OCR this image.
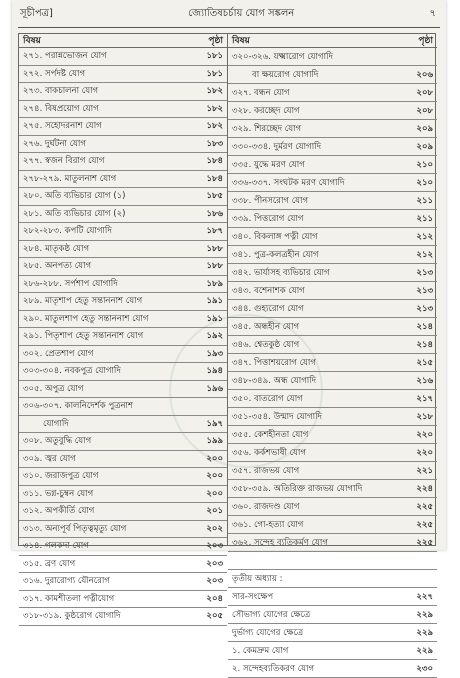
সূচীপত্র]	জ্যোতিষচর্চায় যোগ সঙ্কলন	৭
বিষয়	পৃষ্ঠা
২৭১. পরান্নভোজন যোগ	১৮১
২৭২. সর্পদষ্ট যোগ	১৮১
২৭৩. বাকচালনা যোগ	১৮২
২৭৪. বিষপ্রয়োগ যোগ	১৮২
২৭৫. সহোদরনাশ যোগ	১৮২
২৭৬. দুর্ঘটনা যোগ	১৮৩
২৭৭. স্বজন বিরাগ যোগ	১৮৪
২৭৮-২৭৯. মাতুলনাশ যোগ	১৮৪
২৮০. অতি ব্যভিচার যোগ (১)	১৮৫
২৮১. অতি ব্যভিচার যোগ (২)	১৮৬
২৮২-২৮৩. কপটি যোগাদি	১৮৭
২৮৪. মাতৃকষ্ঠ যোগ	১৮৮
২৮৫. অনপত্য যোগ	১৮৮
২৮৬-২৮৮. সর্পশাপ যোগাদি	১৮৯
২৮৯. মাতৃশাপ হেতু সন্তাননাশ যোগ	১৯১
২৯০. মাতুলশাপ হেতু সন্তাননাশ যোগ	১৯১
২৯১. পিতৃশাপ হেতু সন্তাননাশ যোগ	১৯২
৩০২. প্রেতশাপ যোগ	১৯৩
৩০৩-৩০৪. নবকপুত্র যোগাদি	১৯৪
৩০৫. অপুত্র যোগ	১৯৬
৩০৬-৩০৭. কালনিদের্শক পুত্রনাশ
যোগাদি	১৯৭
৩০৮. অতুবুদ্ধি যোগ	১৯৯
৩০৯. জ্বর যোগ	২০০
৩১০. জরাজপুত্র যোগ	২০০
৩১১. ভগ্ন-চুম্বন যোগ	২০০
৩১২. অপকীর্তি যোগ	২০১
৩১৩. অন্যপূর্ব পিতৃত্বমৃত্যু যোগ	২০২
৩১৪. গলকদা যোগ	২০৩
৩১৫. ব্রণ যোগ	২০৩
৩১৬. দুরারোগ্য যৌনরোগ	২০৩
৩১৭. কামশীতলা পত্নীযোগ	২০৪
৩১৮-৩১৯. কুষ্ঠরোগ যোগাদি	২০৫
বিষয়	পৃষ্ঠা
৩২০-৩২৬. যক্ষ্মারোগ যোগাদি
বা ক্ষয়রোগ যোগাদি	২০৬
৩২৭. বন্ধন যোগ	২০৮
৩২৮. করচ্ছেদ যোগ	২০৮
৩২৯. শিরচ্ছেদ যোগ	২০৯
৩৩০-৩৩৪. দুর্মরণ যোগাদি	২০৯
৩৩৫. যুদ্ধে মরণ যোগ	২১০
৩৩৬-৩৩৭. সংঘটক মরণ যোগাদি	২১০
৩৩৮. পীনসরোগ যোগ	২১১
৩৩৯. পিত্তরোগ যোগ	২১১
৩৪০. বিকলাঙ্গ পত্নী যোগ	২১২
৩৪১. পুত্র-কলত্রহীন যোগ	২১২
৩৪২. ভার্যাসহ ব্যভিচার যোগ	২১৩
৩৪৩. বশেনাশক যোগ	২১৩
৩৪৪. গুহ্যরোগ যোগ	২১৩
৩৪৫. অন্ধহীন যোগ	২১৪
৩৪৬. শ্বেতকুষ্ঠ যোগ	২১৪
৩৪৭. পিত্তাশয়রোগ যোগ	২১৫
৩৪৮-৩৪৯. অন্ধ যোগাদি	২১৬
৩৫০. বাতরোগ যোগ	২১৭
৩৫১-৩৫৪. উন্মাদ যোগাদি	২১৮
৩৫৫. কেশহীনতা যোগ	২২০
৩৫৬. কর্কশভাষী যোগ	২২০
৩৫৭. রাজভয় যোগ	২২১
৩৫৮-৩৫৯. অতিরিক্ত রাজভয় যোগাদি	২২৪
৩৬০. রাজদণ্ড যোগ	২২৫
৩৬১. গো-হত্যা যোগ	২২৫
৩৬২. সন্দেহ ব্যতিকর্মণ যোগ	২২৫
তৃতীয় অধ্যায় :
সার-সংক্ষেপ	২২৭
সৌভাগ্য যোগের ক্ষেত্রে	২২৯
দুর্ভাগ্য যোগের ক্ষেত্রে	২২৯
১. কেমদ্রুম যোগ	২২৯
২. সন্দেহব্যতিকরণ যোগ	২৩০
